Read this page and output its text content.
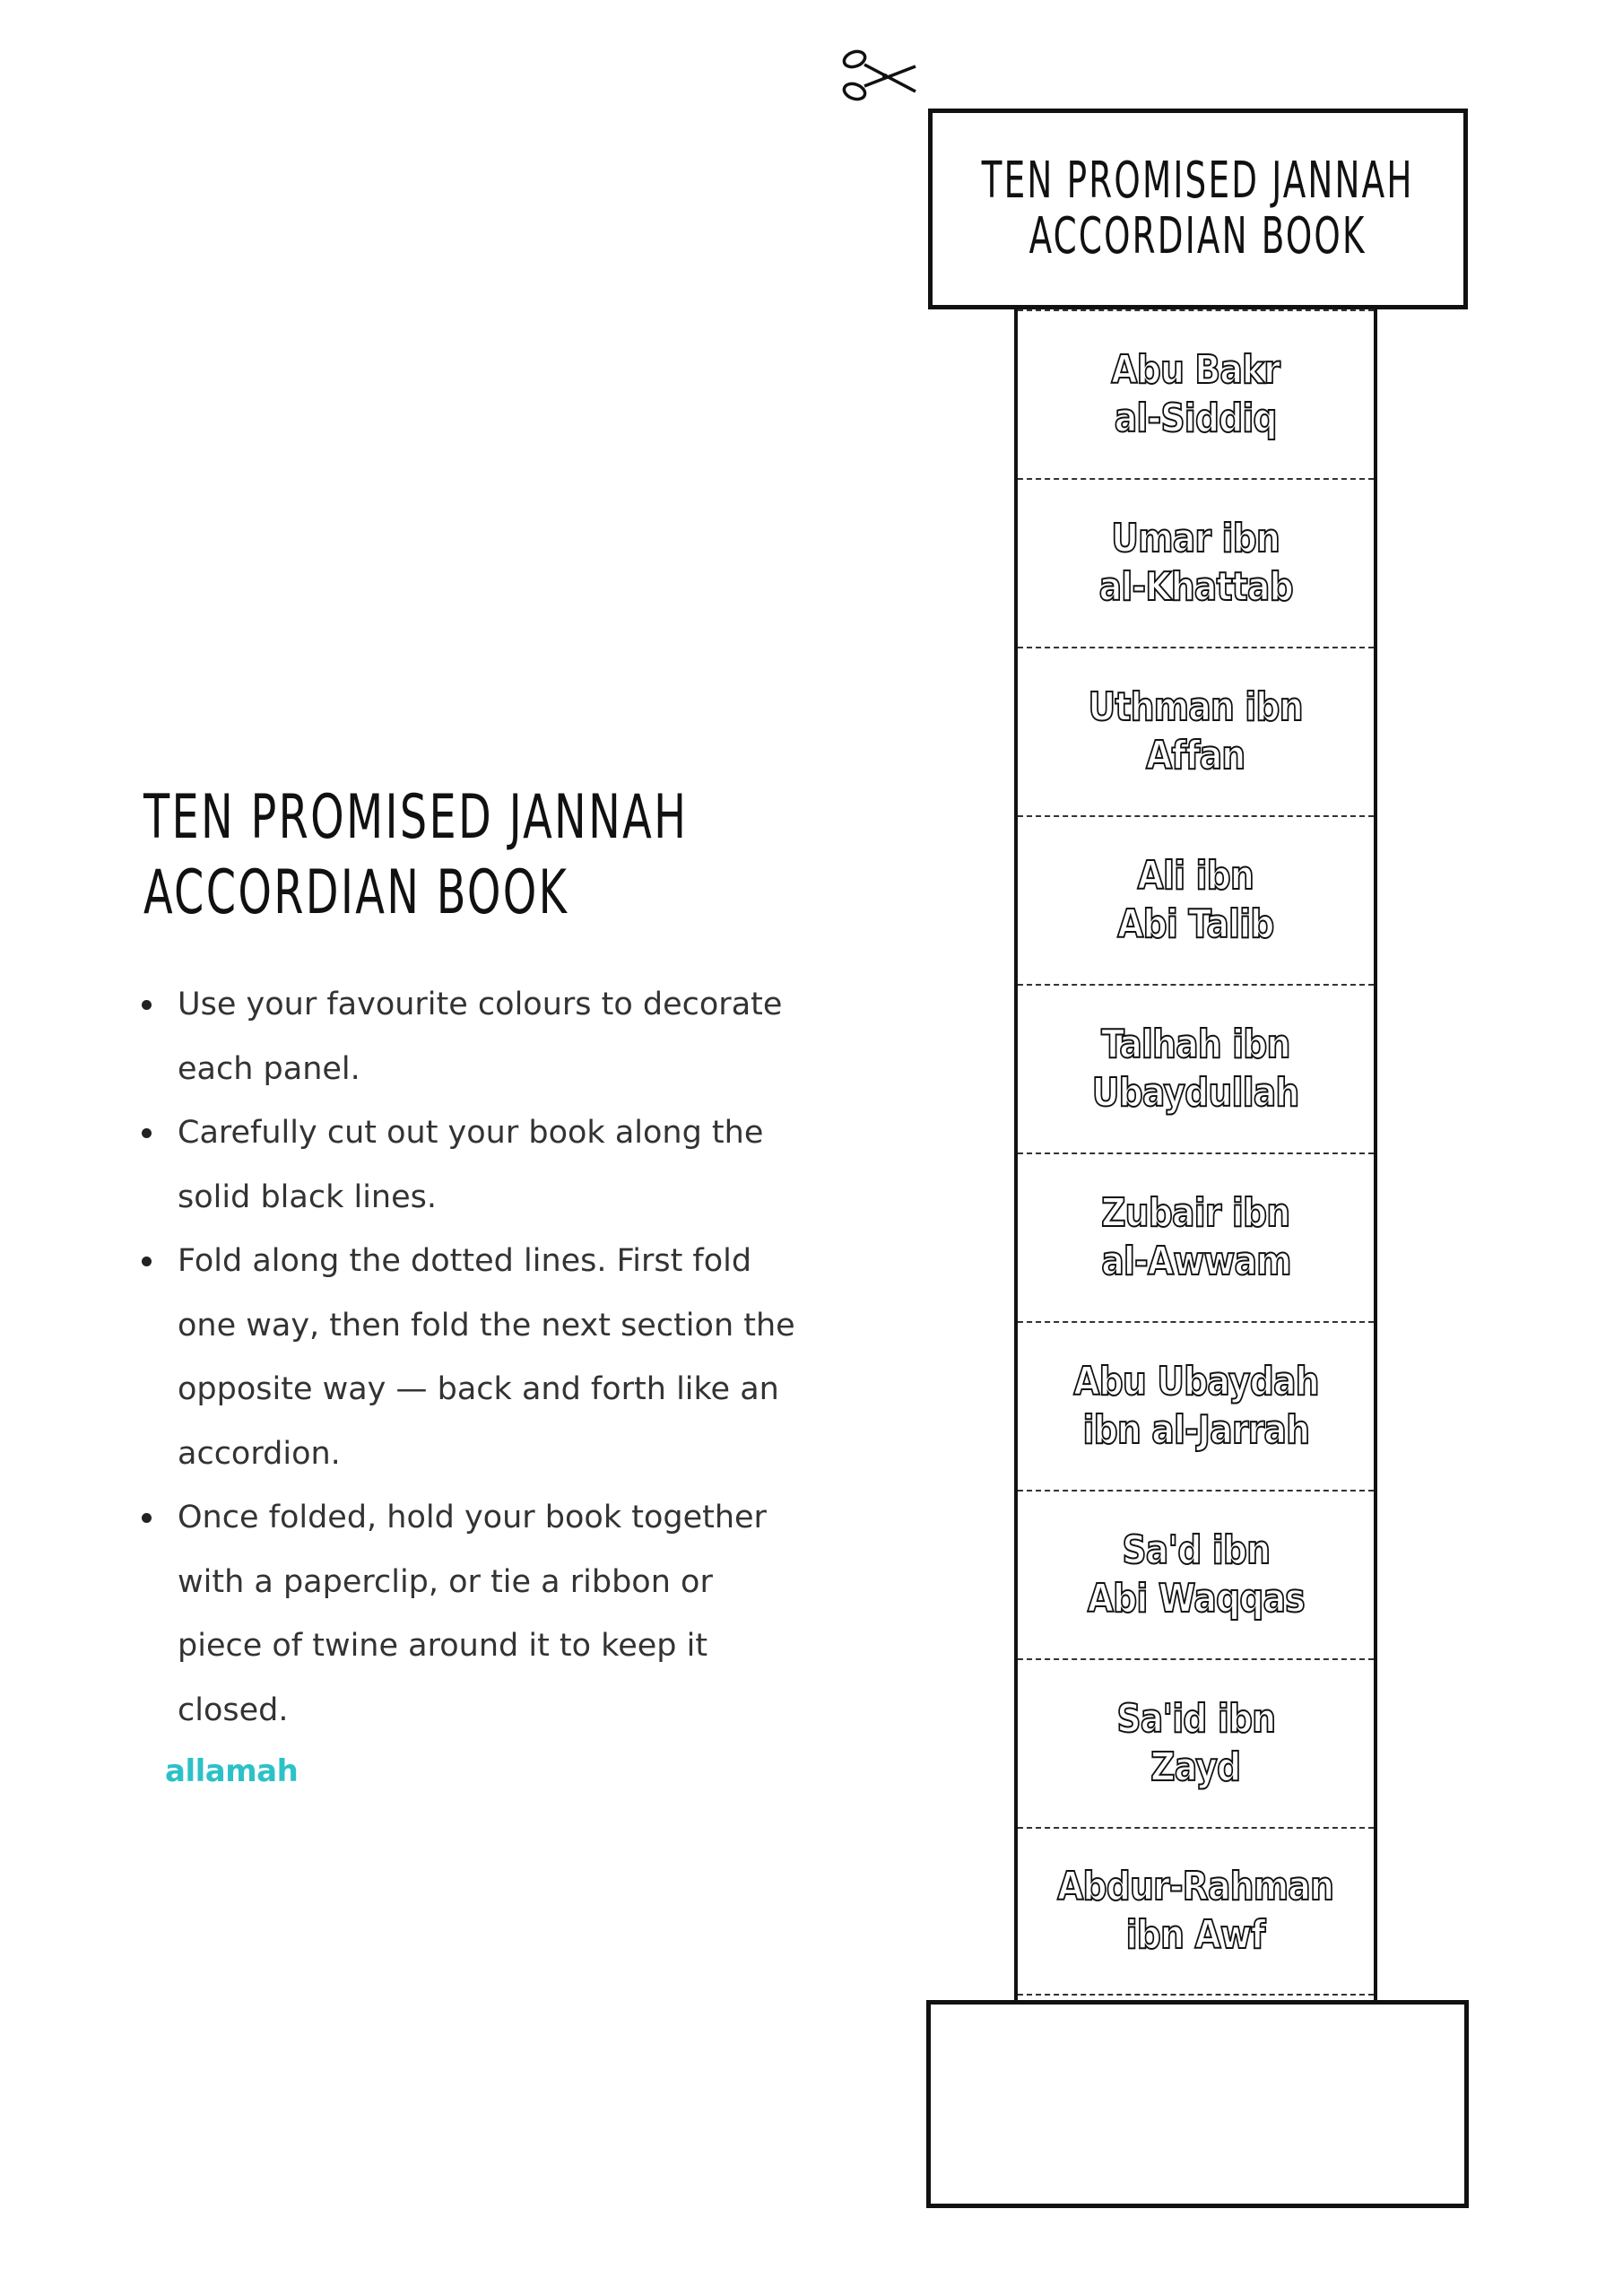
TEN PROMISED JANNAH
ACCORDIAN BOOK
Abu Bakr
al-Siddiq
Umar ibn
al-Khattab
Uthman ibn
Affan
Ali ibn
Abi Talib
Talhah ibn
Ubaydullah
Zubair ibn
al-Awwam
Abu Ubaydah
ibn al-Jarrah
Sa'd ibn
Abi Waqqas
Sa'id ibn
Zayd
Abdur-Rahman
ibn Awf
TEN PROMISED JANNAH
ACCORDIAN BOOK
Use your favourite colours to decorate each panel.
Carefully cut out your book along the solid black lines.
Fold along the dotted lines. First fold one way, then fold the next section the opposite way — back and forth like an accordion.
Once folded, hold your book together with a paperclip, or tie a ribbon or piece of twine around it to keep it closed.
allamah
